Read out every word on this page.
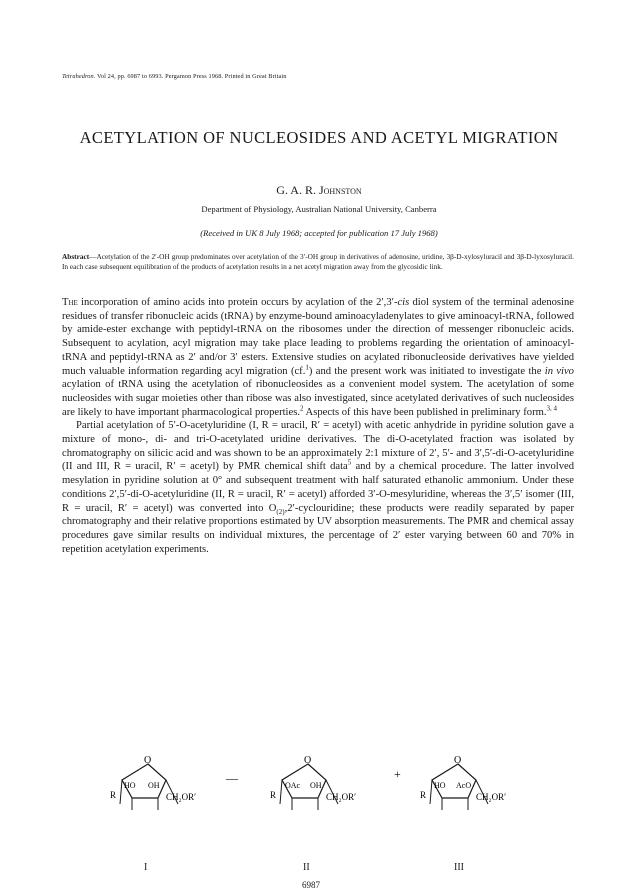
Tetrahedron. Vol 24, pp. 6987 to 6993. Pergamon Press 1968. Printed in Great Britain
ACETYLATION OF NUCLEOSIDES AND ACETYL MIGRATION
G. A. R. Johnston
Department of Physiology, Australian National University, Canberra
(Received in UK 8 July 1968; accepted for publication 17 July 1968)
Abstract—Acetylation of the 2′-OH group predominates over acetylation of the 3′-OH group in derivatives of adenosine, uridine, 3β-D-xylosyluracil and 3β-D-lyxosyluracil. In each case subsequent equilibration of the products of acetylation results in a net acetyl migration away from the glycosidic link.

The incorporation of amino acids into protein occurs by acylation of the 2′,3′-cis diol system of the terminal adenosine residues of transfer ribonucleic acids (tRNA) by enzyme-bound aminoacyladenylates to give aminoacyl-tRNA, followed by amide-ester exchange with peptidyl-tRNA on the ribosomes under the direction of messenger ribonucleic acids. Subsequent to acylation, acyl migration may take place leading to problems regarding the orientation of aminoacyl-tRNA and peptidyl-tRNA as 2′ and/or 3′ esters. Extensive studies on acylated ribonucleoside derivatives have yielded much valuable information regarding acyl migration (cf.$^1$) and the present work was initiated to investigate the in vivo acylation of tRNA using the acetylation of ribonucleosides as a convenient model system. The acetylation of some nucleosides with sugar moieties other than ribose was also investigated, since acetylated derivatives of such nucleosides are likely to have important pharmacological properties.$^2$ Aspects of this have been published in preliminary form.$^{3, 4}$

Partial acetylation of 5′-O-acetyluridine (I, R = uracil, R′ = acetyl) with acetic anhydride in pyridine solution gave a mixture of mono-, di- and tri-O-acetylated uridine derivatives. The di-O-acetylated fraction was isolated by chromatography on silicic acid and was shown to be an approximately 2:1 mixture of 2′, 5′- and 3′,5′-di-O-acetyluridine (II and III, R = uracil, R′ = acetyl) by PMR chemical shift data$^5$ and by a chemical procedure. The latter involved mesylation in pyridine solution at 0° and subsequent treatment with half saturated ethanolic ammonium. Under these conditions 2′,5′-di-O-acetyluridine (II, R = uracil, R′ = acetyl) afforded 3′-O-mesyluridine, whereas the 3′,5′ isomer (III, R = uracil, R′ = acetyl) was converted into $O_{(2)},2'$-cyclouridine; these products were readily separated by paper chromatography and their relative proportions estimated by UV absorption measurements. The PMR and chemical assay procedures gave similar results on individual mixtures, the percentage of 2′ ester varying between 60 and 70% in repetition acetylation experiments.

O
HO OH
R	CH₂OR′
—
O
OAc OH
R	CH₂OR′
+
O
HO AcO
R	CH₂OR′
I	II	III
6987
